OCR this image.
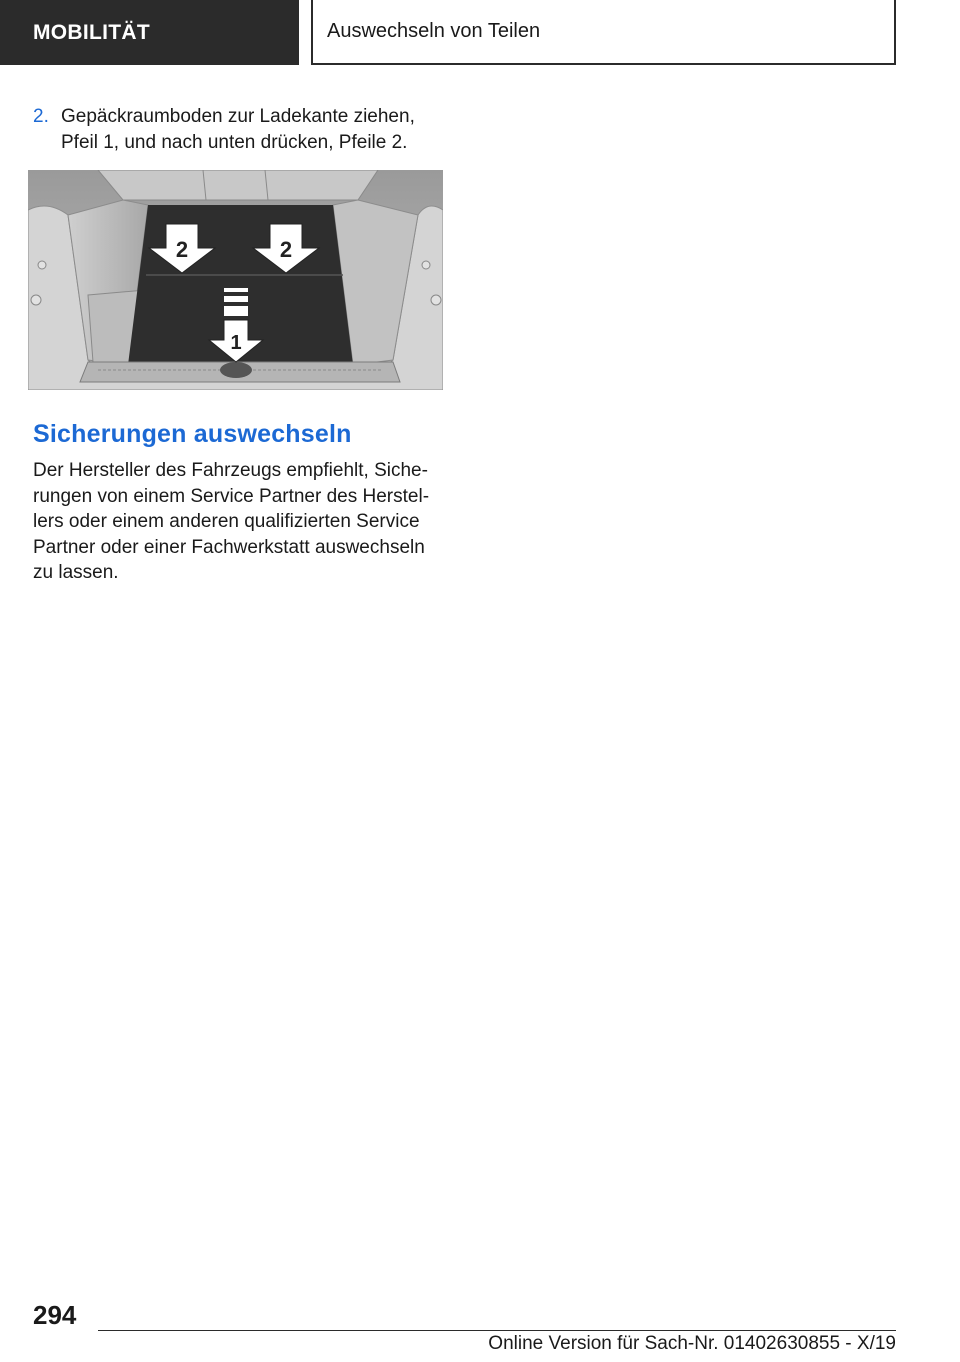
MOBILITÄT	Auswechseln von Teilen
2. Gepäckraumboden zur Ladekante ziehen, Pfeil 1, und nach unten drücken, Pfeile 2.
2	2
1
Sicherungen auswechseln

Der Hersteller des Fahrzeugs empfiehlt, Siche-rungen von einem Service Partner des Herstel-lers oder einem anderen qualifizierten Service Partner oder einer Fachwerkstatt auswechseln zu lassen.

294
Online Version für Sach-Nr. 01402630855 - X/19
